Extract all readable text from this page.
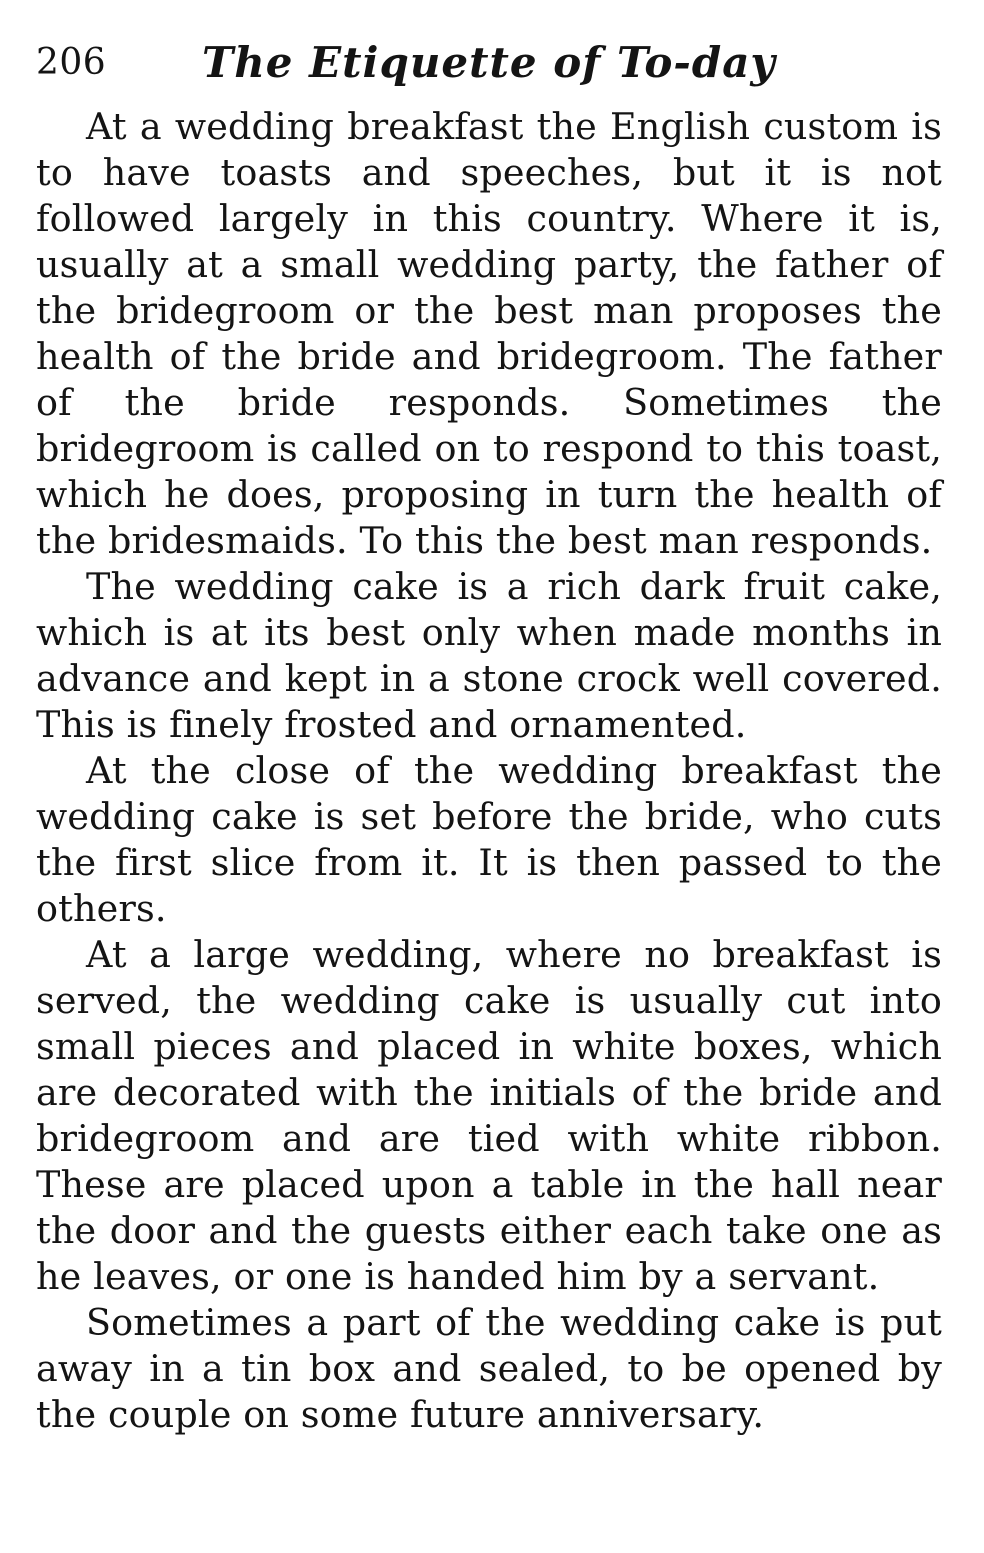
206 The Etiquette of To-day

At a wedding breakfast the English custom is to have toasts and speeches, but it is not followed largely in this country. Where it is, usually at a small wedding party, the father of the bridegroom or the best man proposes the health of the bride and bridegroom. The father of the bride responds. Sometimes the bridegroom is called on to respond to this toast, which he does, proposing in turn the health of the bridesmaids. To this the best man responds.

The wedding cake is a rich dark fruit cake, which is at its best only when made months in advance and kept in a stone crock well covered. This is finely frosted and ornamented.

At the close of the wedding breakfast the wedding cake is set before the bride, who cuts the first slice from it. It is then passed to the others.

At a large wedding, where no breakfast is served, the wedding cake is usually cut into small pieces and placed in white boxes, which are decorated with the initials of the bride and bridegroom and are tied with white ribbon. These are placed upon a table in the hall near the door and the guests either each take one as he leaves, or one is handed him by a servant.

Sometimes a part of the wedding cake is put away in a tin box and sealed, to be opened by the couple on some future anniversary.
